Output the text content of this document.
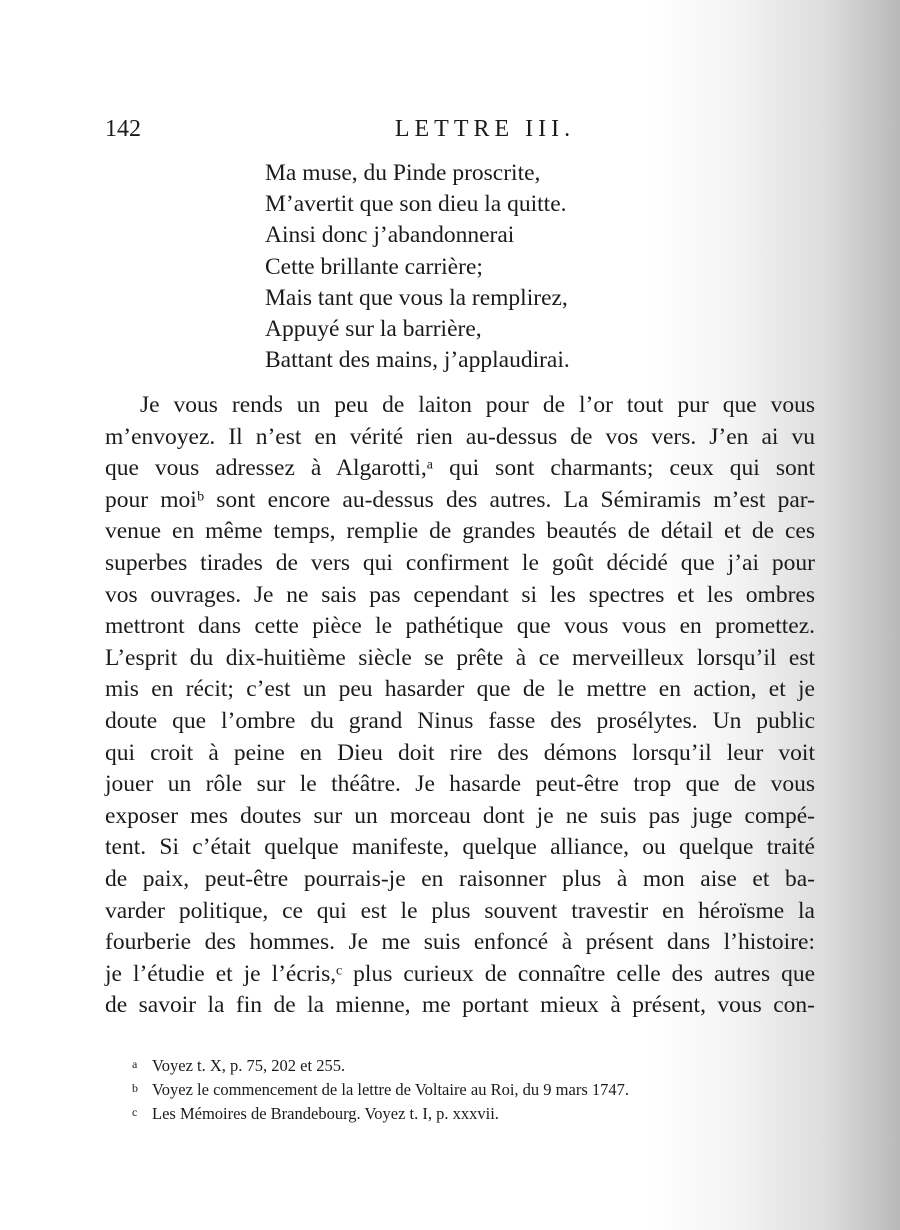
142	LETTRE III.
Ma muse, du Pinde proscrite,
M’avertit que son dieu la quitte.
Ainsi donc j’abandonnerai
Cette brillante carrière;
Mais tant que vous la remplirez,
Appuyé sur la barrière,
Battant des mains, j’applaudirai.
Je vous rends un peu de laiton pour de l’or tout pur que vous
m’envoyez. Il n’est en vérité rien au-dessus de vos vers. J’en ai vu
que vous adressez à Algarotti,ᵃ qui sont charmants; ceux qui sont
pour moiᵇ sont encore au-dessus des autres. La Sémiramis m’est par-
venue en même temps, remplie de grandes beautés de détail et de ces
superbes tirades de vers qui confirment le goût décidé que j’ai pour
vos ouvrages. Je ne sais pas cependant si les spectres et les ombres
mettront dans cette pièce le pathétique que vous vous en promettez.
L’esprit du dix-huitième siècle se prête à ce merveilleux lorsqu’il est
mis en récit; c’est un peu hasarder que de le mettre en action, et je
doute que l’ombre du grand Ninus fasse des prosélytes. Un public
qui croit à peine en Dieu doit rire des démons lorsqu’il leur voit
jouer un rôle sur le théâtre. Je hasarde peut-être trop que de vous
exposer mes doutes sur un morceau dont je ne suis pas juge compé-
tent. Si c’était quelque manifeste, quelque alliance, ou quelque traité
de paix, peut-être pourrais-je en raisonner plus à mon aise et ba-
varder politique, ce qui est le plus souvent travestir en héroïsme la
fourberie des hommes. Je me suis enfoncé à présent dans l’histoire:
je l’étudie et je l’écris,ᶜ plus curieux de connaître celle des autres que
de savoir la fin de la mienne, me portant mieux à présent, vous con-
a Voyez t. X, p. 75, 202 et 255.
b Voyez le commencement de la lettre de Voltaire au Roi, du 9 mars 1747.
c Les Mémoires de Brandebourg. Voyez t. I, p. xxxvii.
